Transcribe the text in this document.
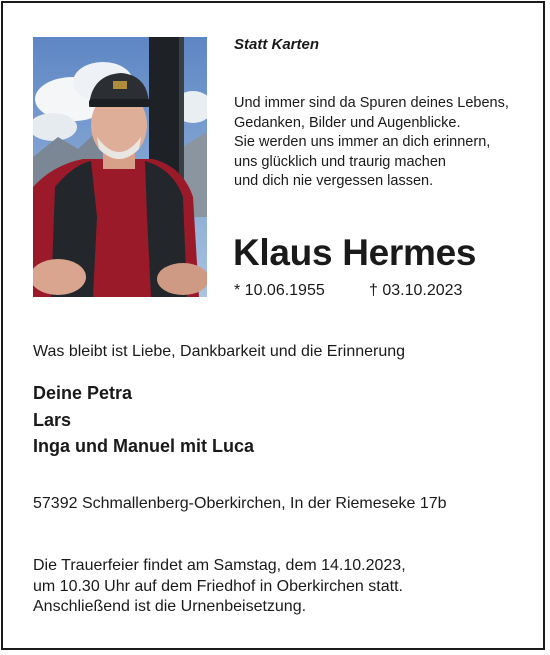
Statt Karten
Und immer sind da Spuren deines Lebens,
Gedanken, Bilder und Augenblicke.
Sie werden uns immer an dich erinnern,
uns glücklich und traurig machen
und dich nie vergessen lassen.
Klaus Hermes
* 10.06.1955	† 03.10.2023
Was bleibt ist Liebe, Dankbarkeit und die Erinnerung
Deine Petra
Lars
Inga und Manuel mit Luca
57392 Schmallenberg-Oberkirchen, In der Riemeseke 17b
Die Trauerfeier findet am Samstag, dem 14.10.2023,
um 10.30 Uhr auf dem Friedhof in Oberkirchen statt.
Anschließend ist die Urnenbeisetzung.
